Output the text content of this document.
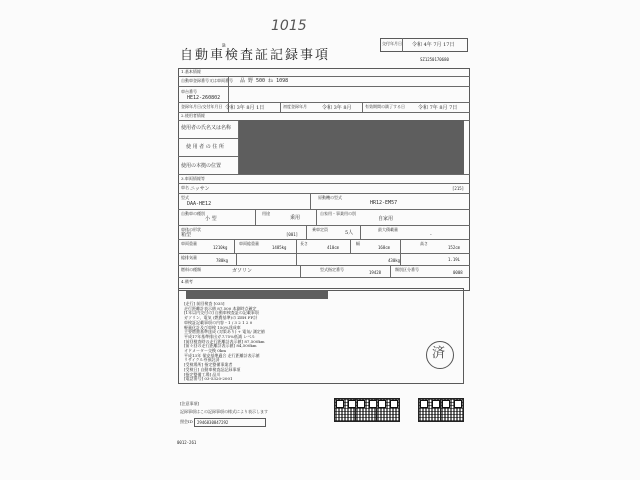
1015
B
自動車検査証記録事項
交付年月日 令和 4年 7月 17日
SZ1250170680
1.基本情報
自動車登録番号又は車両番号 品 野 500 ね 1098
車台番号
HE12-260802
登録年月日/交付年月日 令和 3年 8月 1日	初度登録年月	令和 3年 8月	有効期間の満了する日	令和 7年 8月 7日
2.使用者情報
使用者の氏名又は名称
使 用 者 の 住 所
使用の本拠の位置
3.車両情報等
車名 ニッサン	[215]
型式
DAA-HE12
原動機の型式
HR12-EM57
自動車の種別
小 型
用途
乗用
自家用・事業用の別
自家用
車体の形状
箱型	[001]
乗車定員
5人
最大積載量
-
車両重量
1210kg
車両総重量
1485kg
長さ
410cm
幅
168cm
高さ
152cm
総排気量
780kg	430kg	1.19L
燃料の種類	ガソリン	型式指定番号
19428
類別区分番号
0008
4.備考
[走行] 前回検査 [035]
走行距離計表示値 87,500 本測時点確定
[1年以内交付の] 自動車検査証の記載事項
ガソリン、電気 (燃費基準)の ZEH FF計
車検証記載事項の内容・1 / 3 2 1 2 0
軽量化計及び車検 150%達成車
主要燃費基準達成 (対策あり) + 電気/ 測定値
平成17年基準排出ガス75%低減 レベル
[前回検査時の走行距離計表示値] 87,500km
[前々回の走行距離計表示値] 84,500km
オドメーター交換 0km
平成13年 保安基準適合 走行距離計表示値
リサイクル券預託済
[受検場所] 指定整備事業者
[受検日] 自動車検査証記録事項
[指定整備工場] 品川
[電話番号] 03-5320-2001
済
[注意事項]
記録事項はこの記録事項の様式により表示します
照会ID 2946830847292
0012-261
